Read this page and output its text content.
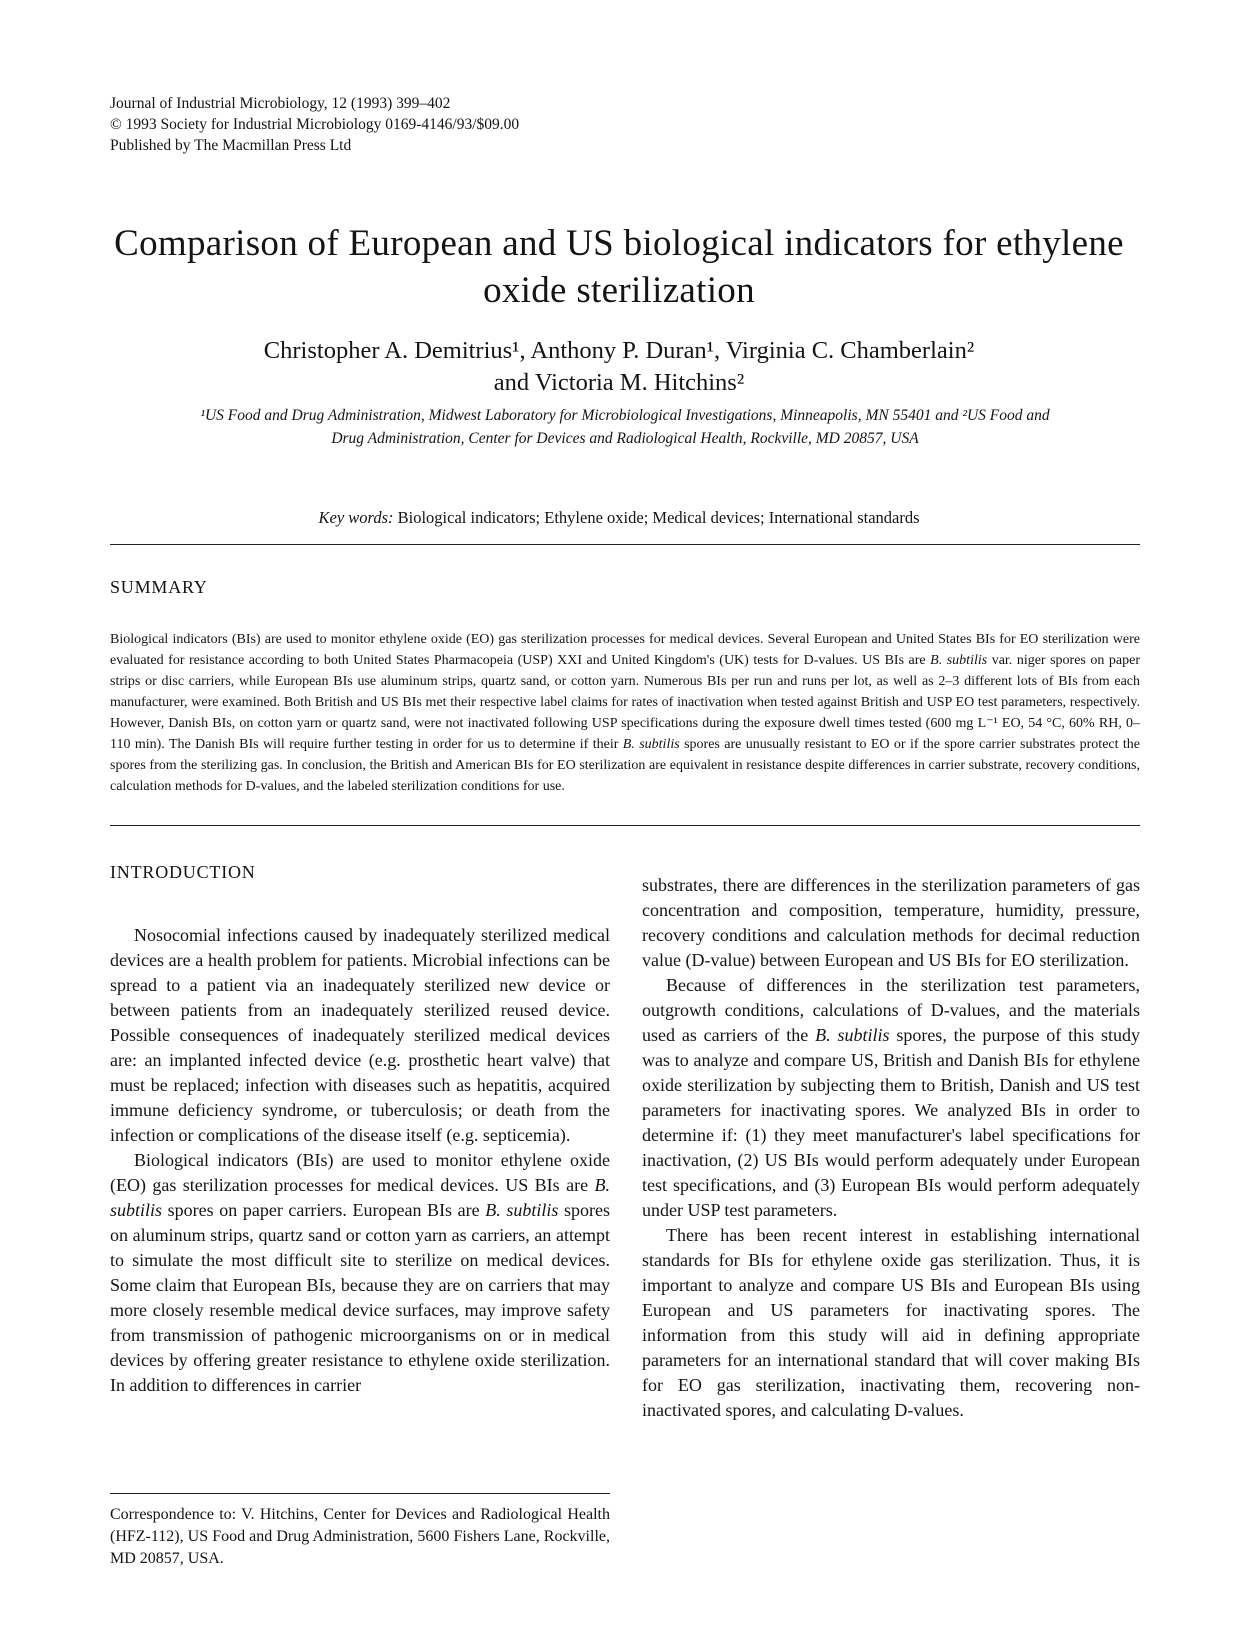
Journal of Industrial Microbiology, 12 (1993) 399–402
© 1993 Society for Industrial Microbiology 0169-4146/93/$09.00
Published by The Macmillan Press Ltd
Comparison of European and US biological indicators for ethylene
oxide sterilization
Christopher A. Demitrius¹, Anthony P. Duran¹, Virginia C. Chamberlain²
and Victoria M. Hitchins²
¹US Food and Drug Administration, Midwest Laboratory for Microbiological Investigations, Minneapolis, MN 55401 and ²US Food and
Drug Administration, Center for Devices and Radiological Health, Rockville, MD 20857, USA
Key words: Biological indicators; Ethylene oxide; Medical devices; International standards
SUMMARY
Biological indicators (BIs) are used to monitor ethylene oxide (EO) gas sterilization processes for medical devices. Several European and United States BIs for EO sterilization were evaluated for resistance according to both United States Pharmacopeia (USP) XXI and United Kingdom's (UK) tests for D-values. US BIs are B. subtilis var. niger spores on paper strips or disc carriers, while European BIs use aluminum strips, quartz sand, or cotton yarn. Numerous BIs per run and runs per lot, as well as 2–3 different lots of BIs from each manufacturer, were examined. Both British and US BIs met their respective label claims for rates of inactivation when tested against British and USP EO test parameters, respectively. However, Danish BIs, on cotton yarn or quartz sand, were not inactivated following USP specifications during the exposure dwell times tested (600 mg L⁻¹ EO, 54 °C, 60% RH, 0–110 min). The Danish BIs will require further testing in order for us to determine if their B. subtilis spores are unusually resistant to EO or if the spore carrier substrates protect the spores from the sterilizing gas. In conclusion, the British and American BIs for EO sterilization are equivalent in resistance despite differences in carrier substrate, recovery conditions, calculation methods for D-values, and the labeled sterilization conditions for use.
INTRODUCTION

Nosocomial infections caused by inadequately sterilized medical devices are a health problem for patients. Microbial infections can be spread to a patient via an inadequately sterilized new device or between patients from an inadequately sterilized reused device. Possible consequences of inadequately sterilized medical devices are: an implanted infected device (e.g. prosthetic heart valve) that must be replaced; infection with diseases such as hepatitis, acquired immune deficiency syndrome, or tuberculosis; or death from the infection or complications of the disease itself (e.g. septicemia).

Biological indicators (BIs) are used to monitor ethylene oxide (EO) gas sterilization processes for medical devices. US BIs are B. subtilis spores on paper carriers. European BIs are B. subtilis spores on aluminum strips, quartz sand or cotton yarn as carriers, an attempt to simulate the most difficult site to sterilize on medical devices. Some claim that European BIs, because they are on carriers that may more closely resemble medical device surfaces, may improve safety from transmission of pathogenic microorganisms on or in medical devices by offering greater resistance to ethylene oxide sterilization. In addition to differences in carrier

substrates, there are differences in the sterilization parameters of gas concentration and composition, temperature, humidity, pressure, recovery conditions and calculation methods for decimal reduction value (D-value) between European and US BIs for EO sterilization.

Because of differences in the sterilization test parameters, outgrowth conditions, calculations of D-values, and the materials used as carriers of the B. subtilis spores, the purpose of this study was to analyze and compare US, British and Danish BIs for ethylene oxide sterilization by subjecting them to British, Danish and US test parameters for inactivating spores. We analyzed BIs in order to determine if: (1) they meet manufacturer's label specifications for inactivation, (2) US BIs would perform adequately under European test specifications, and (3) European BIs would perform adequately under USP test parameters.

There has been recent interest in establishing international standards for BIs for ethylene oxide gas sterilization. Thus, it is important to analyze and compare US BIs and European BIs using European and US parameters for inactivating spores. The information from this study will aid in defining appropriate parameters for an international standard that will cover making BIs for EO gas sterilization, inactivating them, recovering non-inactivated spores, and calculating D-values.

Correspondence to: V. Hitchins, Center for Devices and Radiological Health (HFZ-112), US Food and Drug Administration, 5600 Fishers Lane, Rockville, MD 20857, USA.
